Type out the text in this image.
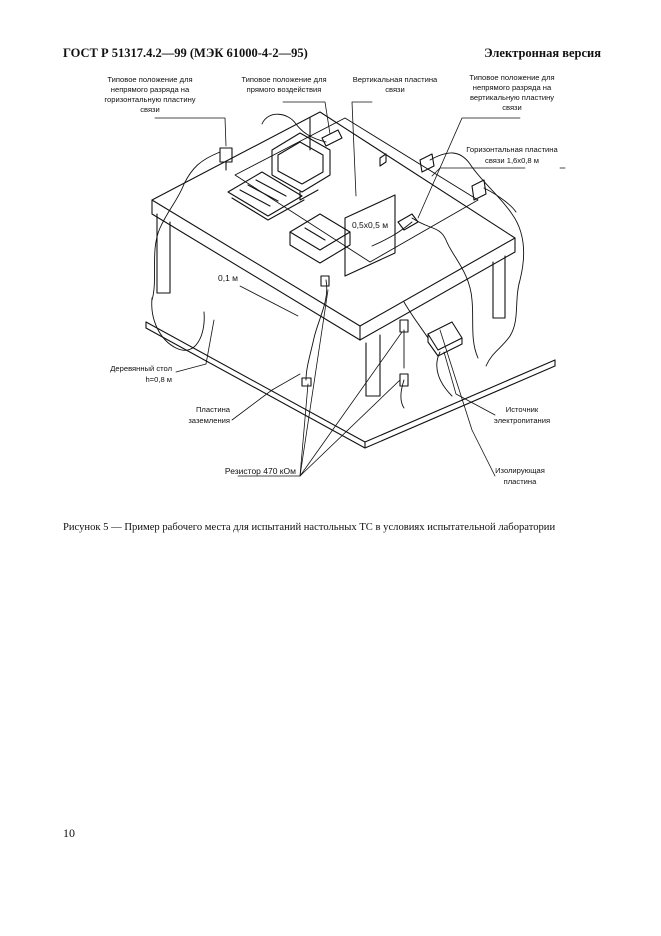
ГОСТ Р 51317.4.2—99 (МЭК 61000-4-2—95)	Электронная версия
Типовое положение для
непрямого разряда на
горизонтальную пластину
связи
Типовое положение для
прямого воздействия
Вертикальная пластина
связи
Типовое положение для
непрямого разряда на
вертикальную пластину
связи
Горизонтальная пластина
связи 1,6х0,8 м
0,5х0,5 м
0,1 м
Деревянный стол
h=0,8 м
Пластина
заземления
Резистор 470 кОм
Источник
электропитания
Изолирующая
пластина
Рисунок 5 — Пример рабочего места для испытаний настольных ТС в условиях испытательной лаборатории
10
